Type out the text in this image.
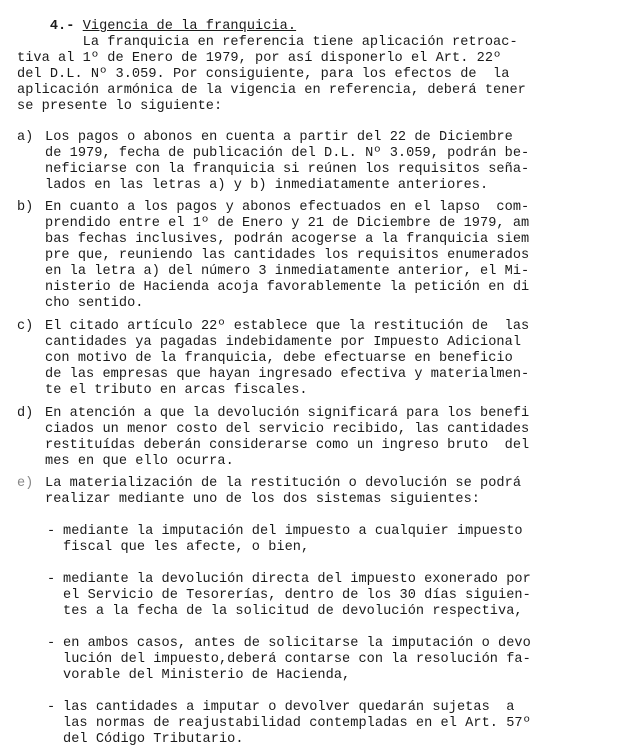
4.- Vigencia de la franquicia.

La franquicia en referencia tiene aplicación retroac-
tiva al 1º de Enero de 1979, por así disponerlo el Art. 22º
del D.L. Nº 3.059. Por consiguiente, para los efectos de  la
aplicación armónica de la vigencia en referencia, deberá tener
se presente lo siguiente:
a) Los pagos o abonos en cuenta a partir del 22 de Diciembre
de 1979, fecha de publicación del D.L. Nº 3.059, podrán be-
neficiarse con la franquicia si reúnen los requisitos seña-
lados en las letras a) y b) inmediatamente anteriores.
b) En cuanto a los pagos y abonos efectuados en el lapso  com-
prendido entre el 1º de Enero y 21 de Diciembre de 1979, am
bas fechas inclusives, podrán acogerse a la franquicia siem
pre que, reuniendo las cantidades los requisitos enumerados
en la letra a) del número 3 inmediatamente anterior, el Mi-
nisterio de Hacienda acoja favorablemente la petición en di
cho sentido.
c) El citado artículo 22º establece que la restitución de  las
cantidades ya pagadas indebidamente por Impuesto Adicional
con motivo de la franquicia, debe efectuarse en beneficio
de las empresas que hayan ingresado efectiva y materialmen-
te el tributo en arcas fiscales.
d) En atención a que la devolución significará para los benefi
ciados un menor costo del servicio recibido, las cantidades
restituídas deberán considerarse como un ingreso bruto  del
mes en que ello ocurra.
e) La materialización de la restitución o devolución se podrá
realizar mediante uno de los dos sistemas siguientes:
- mediante la imputación del impuesto a cualquier impuesto
fiscal que les afecte, o bien,
- mediante la devolución directa del impuesto exonerado por
el Servicio de Tesorerías, dentro de los 30 días siguien-
tes a la fecha de la solicitud de devolución respectiva,
- en ambos casos, antes de solicitarse la imputación o devo
lución del impuesto,deberá contarse con la resolución fa-
vorable del Ministerio de Hacienda,
- las cantidades a imputar o devolver quedarán sujetas  a
las normas de reajustabilidad contempladas en el Art. 57º
del Código Tributario.
